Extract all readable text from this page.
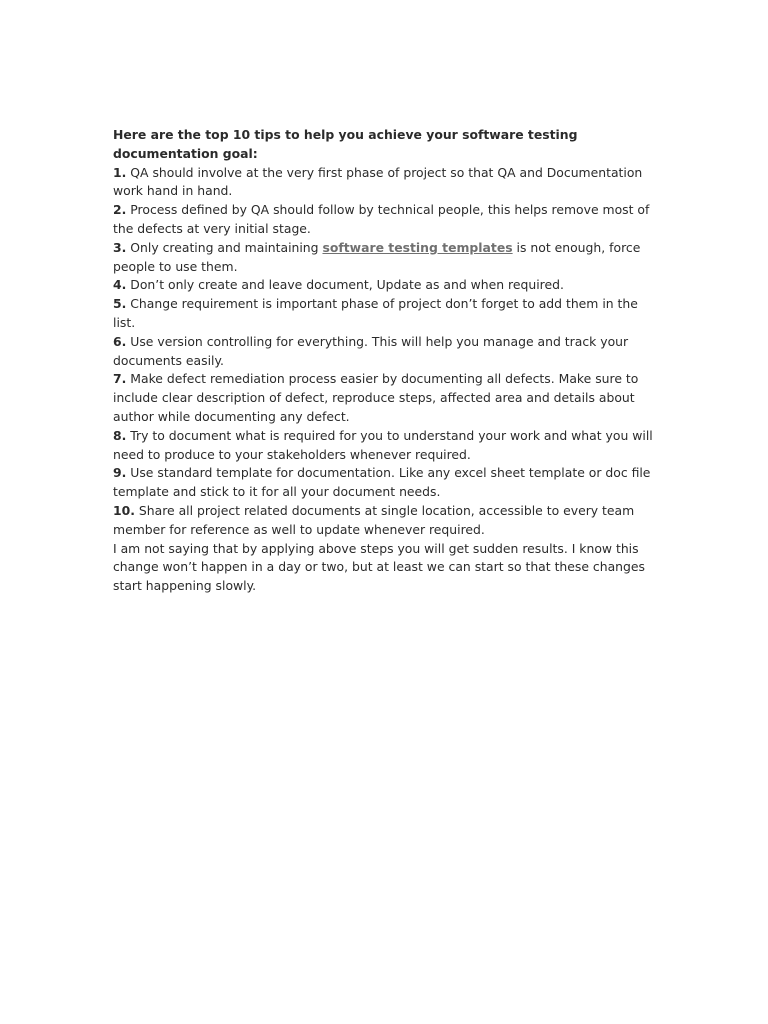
Here are the top 10 tips to help you achieve your software testing documentation goal:

1. QA should involve at the very first phase of project so that QA and Documentation work hand in hand.

2. Process defined by QA should follow by technical people, this helps remove most of the defects at very initial stage.

3. Only creating and maintaining software testing templates is not enough, force people to use them.

4. Don’t only create and leave document, Update as and when required.

5. Change requirement is important phase of project don’t forget to add them in the list.

6. Use version controlling for everything. This will help you manage and track your documents easily.

7. Make defect remediation process easier by documenting all defects. Make sure to include clear description of defect, reproduce steps, affected area and details about author while documenting any defect.

8. Try to document what is required for you to understand your work and what you will need to produce to your stakeholders whenever required.

9. Use standard template for documentation. Like any excel sheet template or doc file template and stick to it for all your document needs.

10. Share all project related documents at single location, accessible to every team member for reference as well to update whenever required.

I am not saying that by applying above steps you will get sudden results. I know this change won’t happen in a day or two, but at least we can start so that these changes start happening slowly.
